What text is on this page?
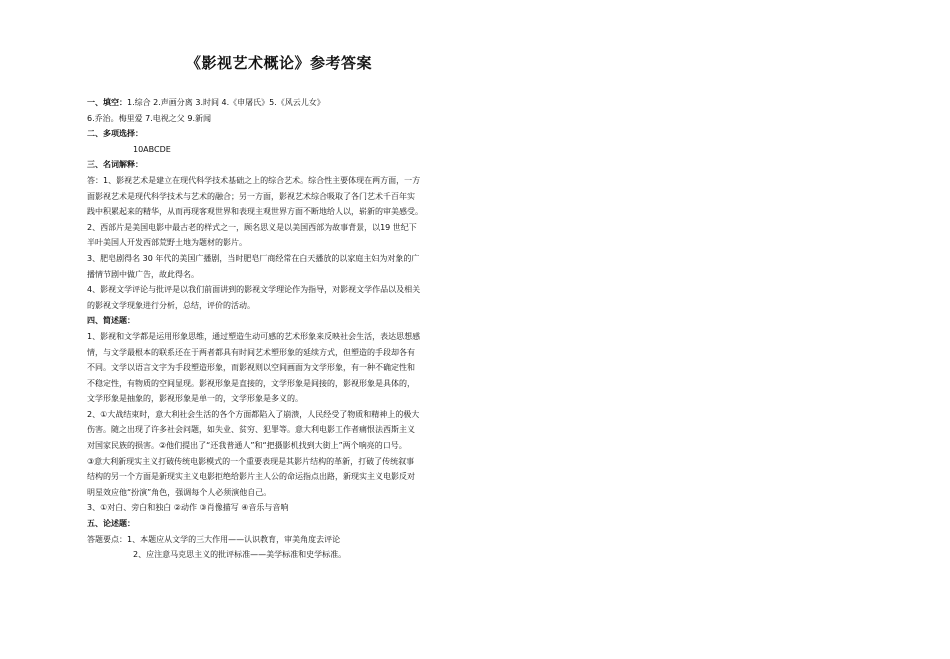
《影视艺术概论》参考答案
一、填空：1.综合 2.声画分离 3.时间 4.《申屠氏》5.《风云儿女》
6.乔治。梅里爱 7.电视之父 9.新闻
二、多项选择：
10ABCDE
三、名词解释：
答：1、影视艺术是建立在现代科学技术基础之上的综合艺术。综合性主要体现在两方面，一方
面影视艺术是现代科学技术与艺术的融合；另一方面，影视艺术综合吸取了各门艺术千百年实
践中积累起来的精华，从而再现客观世界和表现主观世界方面不断地给人以，崭新的审美感受。
2、西部片是美国电影中最古老的样式之一，顾名思义是以美国西部为故事背景，以19 世纪下
半叶美国人开发西部荒野土地为题材的影片。
3、肥皂剧得名 30 年代的美国广播剧，当时肥皂厂商经常在白天播放的以家庭主妇为对象的广
播情节剧中做广告，故此得名。
4、影视文学评论与批评是以我们前面讲到的影视文学理论作为指导，对影视文学作品以及相关
的影视文学现象进行分析，总结，评价的活动。
四、简述题：
1、影视和文学都是运用形象思维，通过塑造生动可感的艺术形象来反映社会生活，表达思想感
情，与文学最根本的联系还在于两者都具有时间艺术塑形象的延续方式，但塑造的手段却各有
不同。文学以语言文字为手段塑造形象，而影视则以空间画面为文学形象，有一种不确定性和
不稳定性，有物质的空间显现。影视形象是直接的，文学形象是间接的，影视形象是具体的，
文学形象是抽象的，影视形象是单一的，文学形象是多义的。
2、①大战结束时，意大利社会生活的各个方面都陷入了崩溃，人民经受了物质和精神上的极大
伤害。随之出现了许多社会问题，如失业、贫穷、犯罪等。意大利电影工作者痛恨法西斯主义
对国家民族的损害。②他们提出了“还我普通人”和“把摄影机找到大街上”两个响亮的口号。
③意大利新现实主义打破传统电影模式的一个重要表现是其影片结构的革新，打破了传统叙事
结构的另一个方面是新现实主义电影拒绝给影片主人公的命运指点出路，新现实主义电影反对
明星效应他“扮演”角色，强调每个人必须演他自己。
3、①对白、旁白和独白 ②动作 ③肖像描写 ④音乐与音响
五、论述题：
答题要点：1、本题应从文学的三大作用——认识教育，审美角度去评论
2、应注意马克思主义的批评标准——美学标准和史学标准。
